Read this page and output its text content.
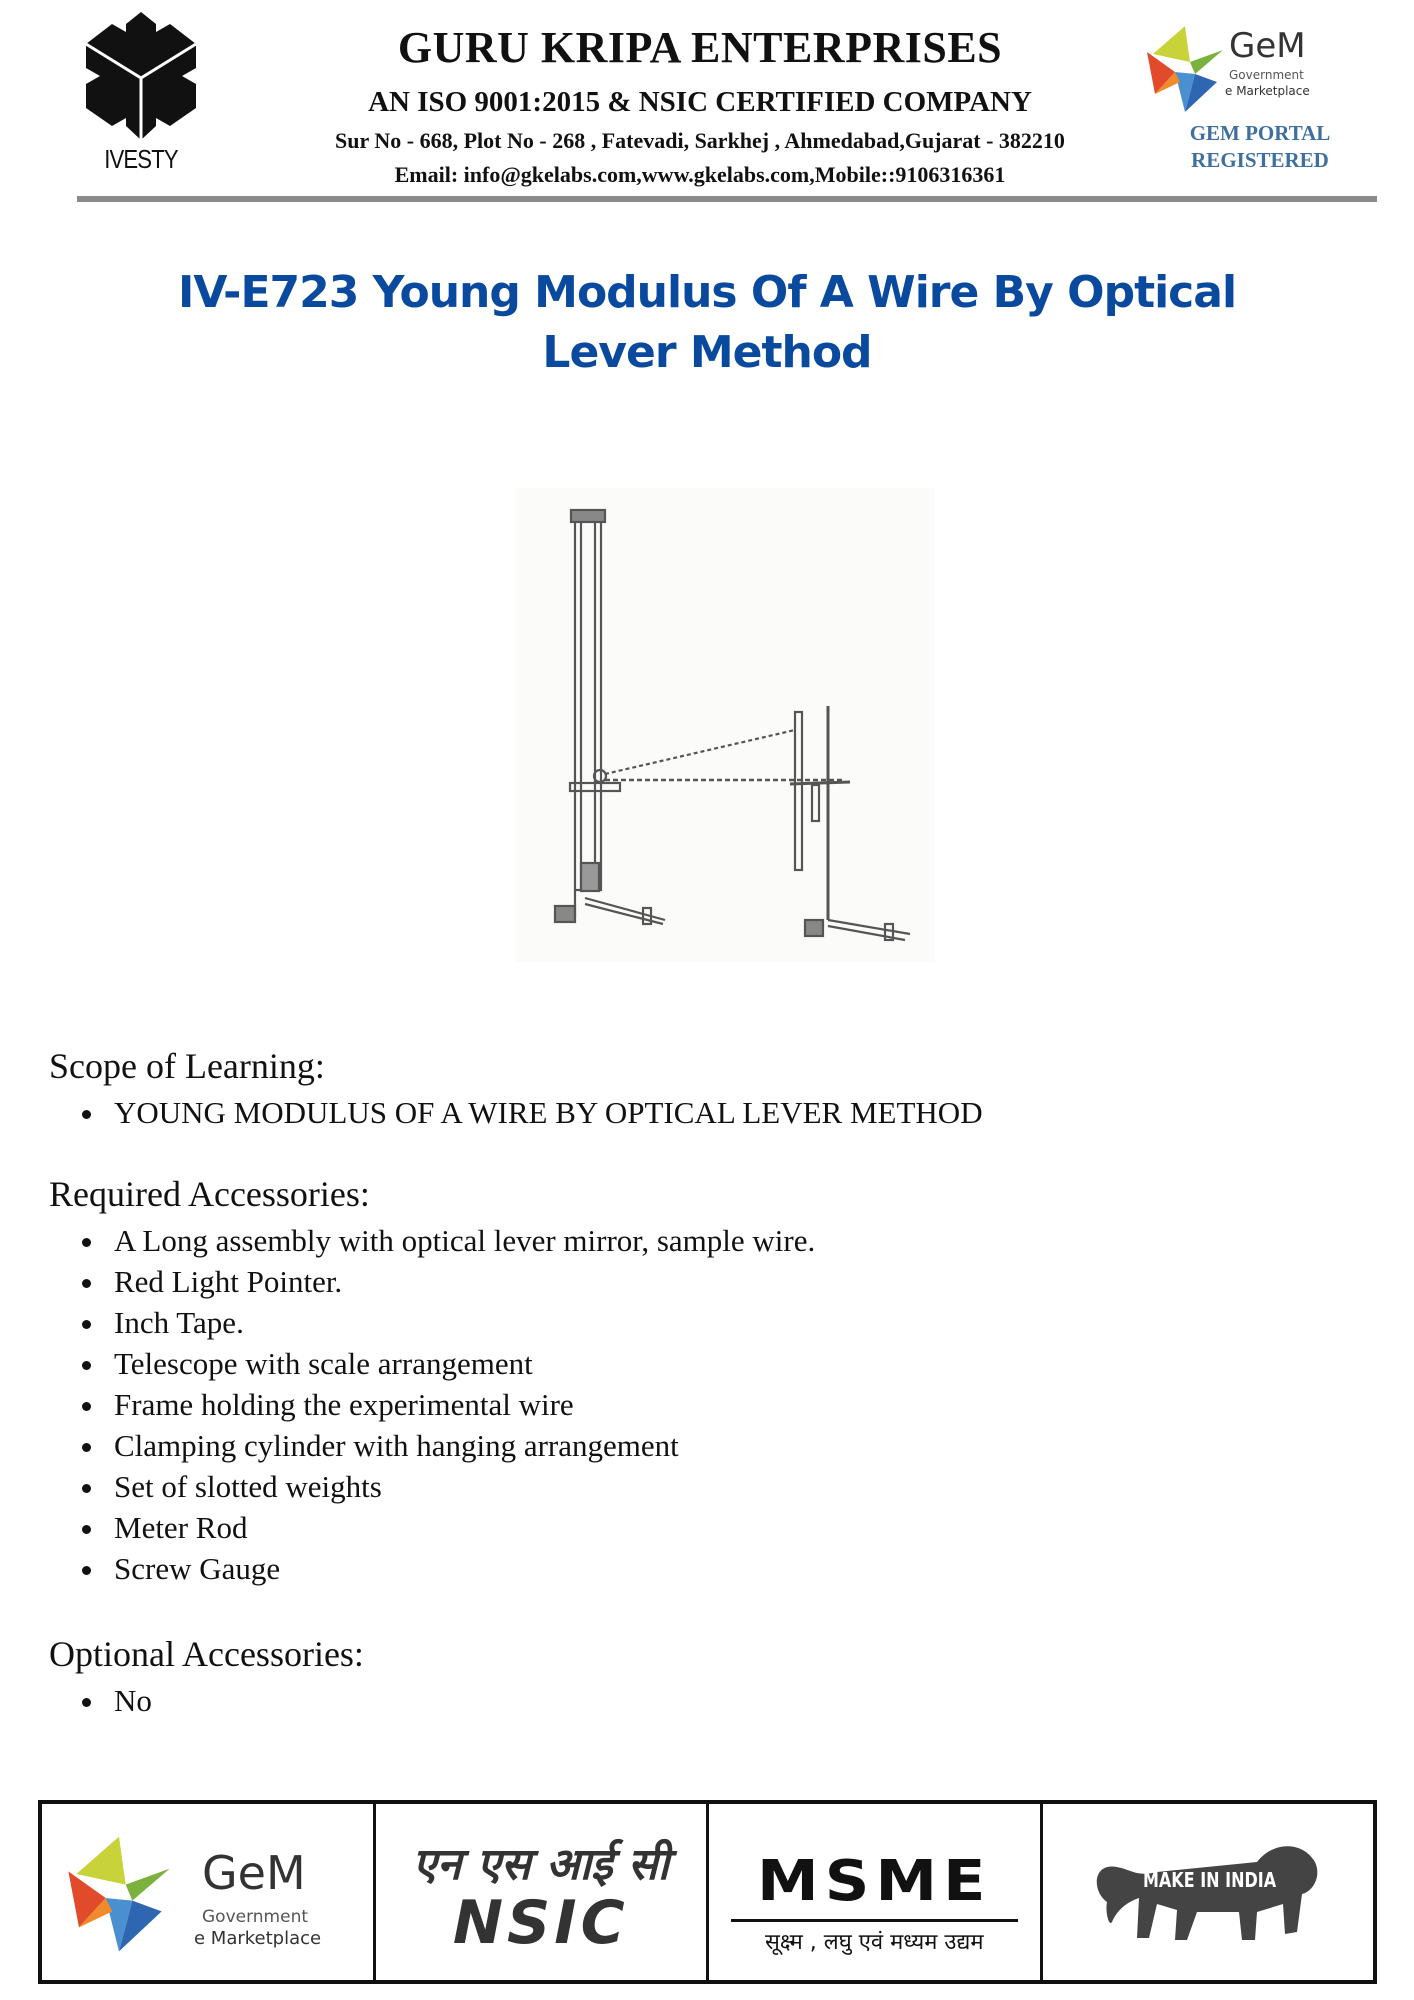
IVESTY
GURU KRIPA ENTERPRISES
AN ISO 9001:2015 & NSIC CERTIFIED COMPANY
Sur No - 668, Plot No - 268 , Fatevadi, Sarkhej , Ahmedabad,Gujarat - 382210
Email: info@gkelabs.com,www.gkelabs.com,Mobile::9106316361
GeM
Government
e Marketplace
GEM PORTAL
REGISTERED
IV-E723 Young Modulus Of A Wire By Optical
Lever Method
Scope of Learning:
YOUNG MODULUS OF A WIRE BY OPTICAL LEVER METHOD
Required Accessories:
A Long assembly with optical lever mirror, sample wire.
Red Light Pointer.
Inch Tape.
Telescope with scale arrangement
Frame holding the experimental wire
Clamping cylinder with hanging arrangement
Set of slotted weights
Meter Rod
Screw Gauge
Optional Accessories:
No
GeM
Government
e Marketplace
एन एस आई सी
NSIC
MSME
सूक्ष्म , लघु एवं मध्यम उद्यम
MAKE IN INDIA
